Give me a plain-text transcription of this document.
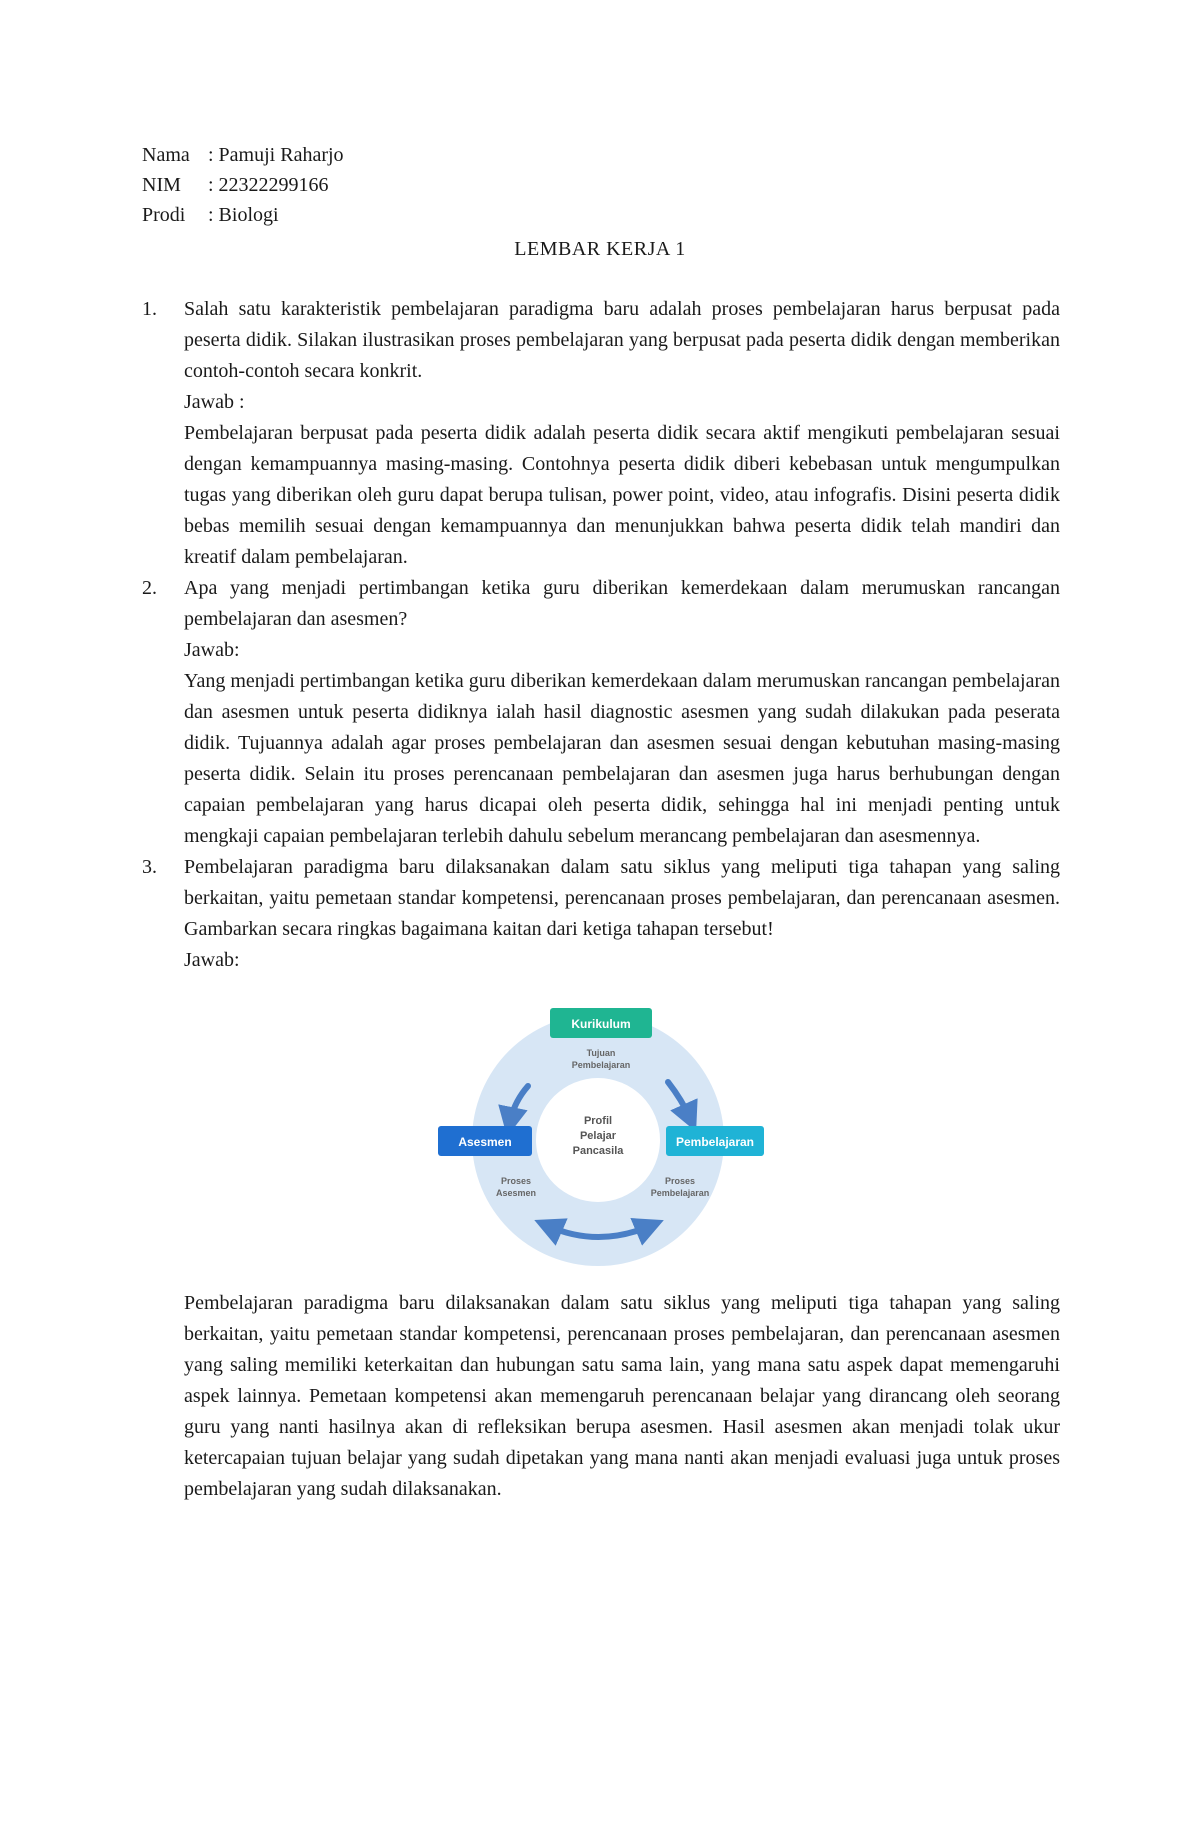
Nama : Pamuji Raharjo
NIM	: 22322299166
Prodi	: Biologi
LEMBAR KERJA 1
1. Salah satu karakteristik pembelajaran paradigma baru adalah proses pembelajaran harus berpusat pada peserta didik. Silakan ilustrasikan proses pembelajaran yang berpusat pada peserta didik dengan memberikan contoh-contoh secara konkrit.

Jawab :

Pembelajaran berpusat pada peserta didik adalah peserta didik secara aktif mengikuti pembelajaran sesuai dengan kemampuannya masing-masing. Contohnya peserta didik diberi kebebasan untuk mengumpulkan tugas yang diberikan oleh guru dapat berupa tulisan, power point, video, atau infografis. Disini peserta didik bebas memilih sesuai dengan kemampuannya dan menunjukkan bahwa peserta didik telah mandiri dan kreatif dalam pembelajaran.

2. Apa yang menjadi pertimbangan ketika guru diberikan kemerdekaan dalam merumuskan rancangan pembelajaran dan asesmen?

Jawab:

Yang menjadi pertimbangan ketika guru diberikan kemerdekaan dalam merumuskan rancangan pembelajaran dan asesmen untuk peserta didiknya ialah hasil diagnostic asesmen yang sudah dilakukan pada peserata didik. Tujuannya adalah agar proses pembelajaran dan asesmen sesuai dengan kebutuhan masing-masing peserta didik. Selain itu proses perencanaan pembelajaran dan asesmen juga harus berhubungan dengan capaian pembelajaran yang harus dicapai oleh peserta didik, sehingga hal ini menjadi penting untuk mengkaji capaian pembelajaran terlebih dahulu sebelum merancang pembelajaran dan asesmennya.

3. Pembelajaran paradigma baru dilaksanakan dalam satu siklus yang meliputi tiga tahapan yang saling berkaitan, yaitu pemetaan standar kompetensi, perencanaan proses pembelajaran, dan perencanaan asesmen. Gambarkan secara ringkas bagaimana kaitan dari ketiga tahapan tersebut!

Jawab:

Kurikulum
Asesmen	Pembelajaran
Profil
Pelajar
Pancasila
Tujuan
Pembelajaran
Proses
Asesmen
Proses
Pembelajaran

Pembelajaran paradigma baru dilaksanakan dalam satu siklus yang meliputi tiga tahapan yang saling berkaitan, yaitu pemetaan standar kompetensi, perencanaan proses pembelajaran, dan perencanaan asesmen yang saling memiliki keterkaitan dan hubungan satu sama lain, yang mana satu aspek dapat memengaruhi aspek lainnya. Pemetaan kompetensi akan memengaruh perencanaan belajar yang dirancang oleh seorang guru yang nanti hasilnya akan di refleksikan berupa asesmen. Hasil asesmen akan menjadi tolak ukur ketercapaian tujuan belajar yang sudah dipetakan yang mana nanti akan menjadi evaluasi juga untuk proses pembelajaran yang sudah dilaksanakan.
